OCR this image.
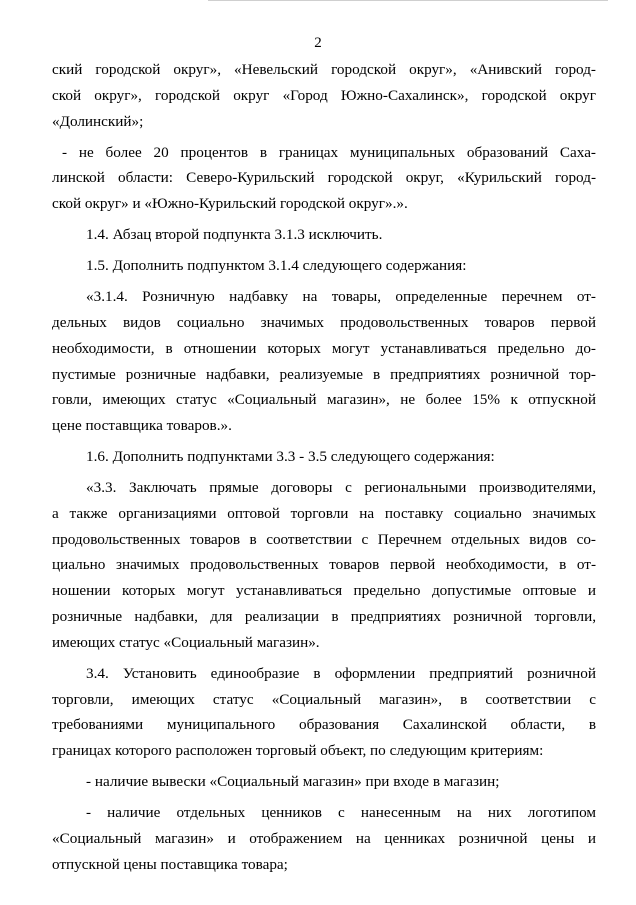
2
ский городской округ», «Невельский городской округ», «Анивский город-
ской округ», городской округ «Город Южно-Сахалинск», городской округ
«Долинский»;
- не более 20 процентов в границах муниципальных образований Саха-
линской области: Северо-Курильский городской округ, «Курильский город-
ской округ» и «Южно-Курильский городской округ».».
1.4. Абзац второй подпункта 3.1.3 исключить.
1.5. Дополнить подпунктом 3.1.4 следующего содержания:
«3.1.4. Розничную надбавку на товары, определенные перечнем от-
дельных видов социально значимых продовольственных товаров первой
необходимости, в отношении которых могут устанавливаться предельно до-
пустимые розничные надбавки, реализуемые в предприятиях розничной тор-
говли, имеющих статус «Социальный магазин», не более 15% к отпускной
цене поставщика товаров.».
1.6. Дополнить подпунктами 3.3 - 3.5 следующего содержания:
«3.3. Заключать прямые договоры с региональными производителями,
а также организациями оптовой торговли на поставку социально значимых
продовольственных товаров в соответствии с Перечнем отдельных видов со-
циально значимых продовольственных товаров первой необходимости, в от-
ношении которых могут устанавливаться предельно допустимые оптовые и
розничные надбавки, для реализации в предприятиях розничной торговли,
имеющих статус «Социальный магазин».
3.4. Установить единообразие в оформлении предприятий розничной
торговли, имеющих статус «Социальный магазин», в соответствии с
требованиями муниципального образования Сахалинской области, в
границах которого расположен торговый объект, по следующим критериям:
- наличие вывески «Социальный магазин» при входе в магазин;
- наличие отдельных ценников с нанесенным на них логотипом
«Социальный магазин» и отображением на ценниках розничной цены и
отпускной цены поставщика товара;
